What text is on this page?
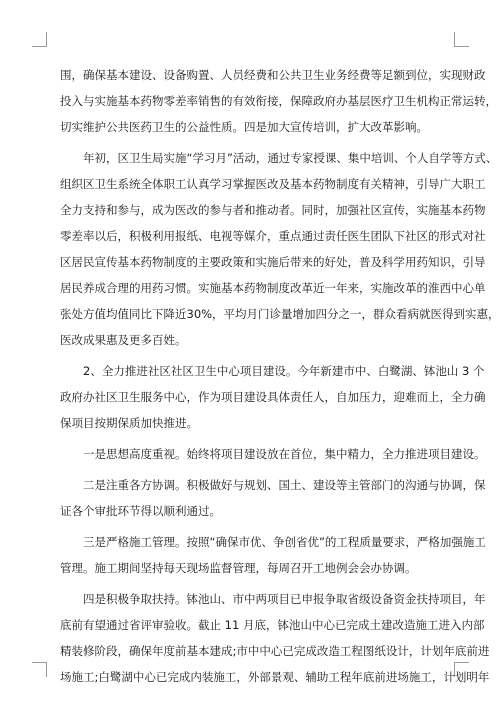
围，确保基本建设、设备购置、人员经费和公共卫生业务经费等足额到位，实现财政
投入与实施基本药物零差率销售的有效衔接，保障政府办基层医疗卫生机构正常运转，
切实维护公共医药卫生的公益性质。四是加大宣传培训，扩大改革影响。

年初，区卫生局实施“学习月”活动，通过专家授课、集中培训、个人自学等方式、
组织区卫生系统全体职工认真学习掌握医改及基本药物制度有关精神，引导广大职工
全力支持和参与，成为医改的参与者和推动者。同时，加强社区宣传，实施基本药物
零差率以后，积极利用报纸、电视等媒介，重点通过责任医生团队下社区的形式对社
区居民宣传基本药物制度的主要政策和实施后带来的好处，普及科学用药知识，引导
居民养成合理的用药习惯。实施基本药物制度改革近一年来，实施改革的淮西中心单
张处方值均值同比下降近30%，平均月门诊量增加四分之一，群众看病就医得到实惠，
医改成果惠及更多百姓。

2、全力推进社区社区卫生中心项目建设。今年新建市中、白鹭湖、钵池山 3 个
政府办社区卫生服务中心，作为项目建设具体责任人，自加压力，迎难而上，全力确
保项目按期保质加快推进。

一是思想高度重视。始终将项目建设放在首位，集中精力，全力推进项目建设。

二是注重各方协调。积极做好与规划、国土、建设等主管部门的沟通与协调，保
证各个审批环节得以顺利通过。

三是严格施工管理。按照“确保市优、争创省优”的工程质量要求，严格加强施工
管理。施工期间坚持每天现场监督管理，每周召开工地例会会办协调。

四是积极争取扶持。钵池山、市中两项目已申报争取省级设备资金扶持项目，年
底前有望通过省评审验收。截止 11 月底，钵池山中心已完成土建改造施工进入内部
精装修阶段，确保年度前基本建成;市中中心已完成改造工程图纸设计，计划年底前进
场施工;白鹭湖中心已完成内装施工，外部景观、辅助工程年底前进场施工，计划明年
